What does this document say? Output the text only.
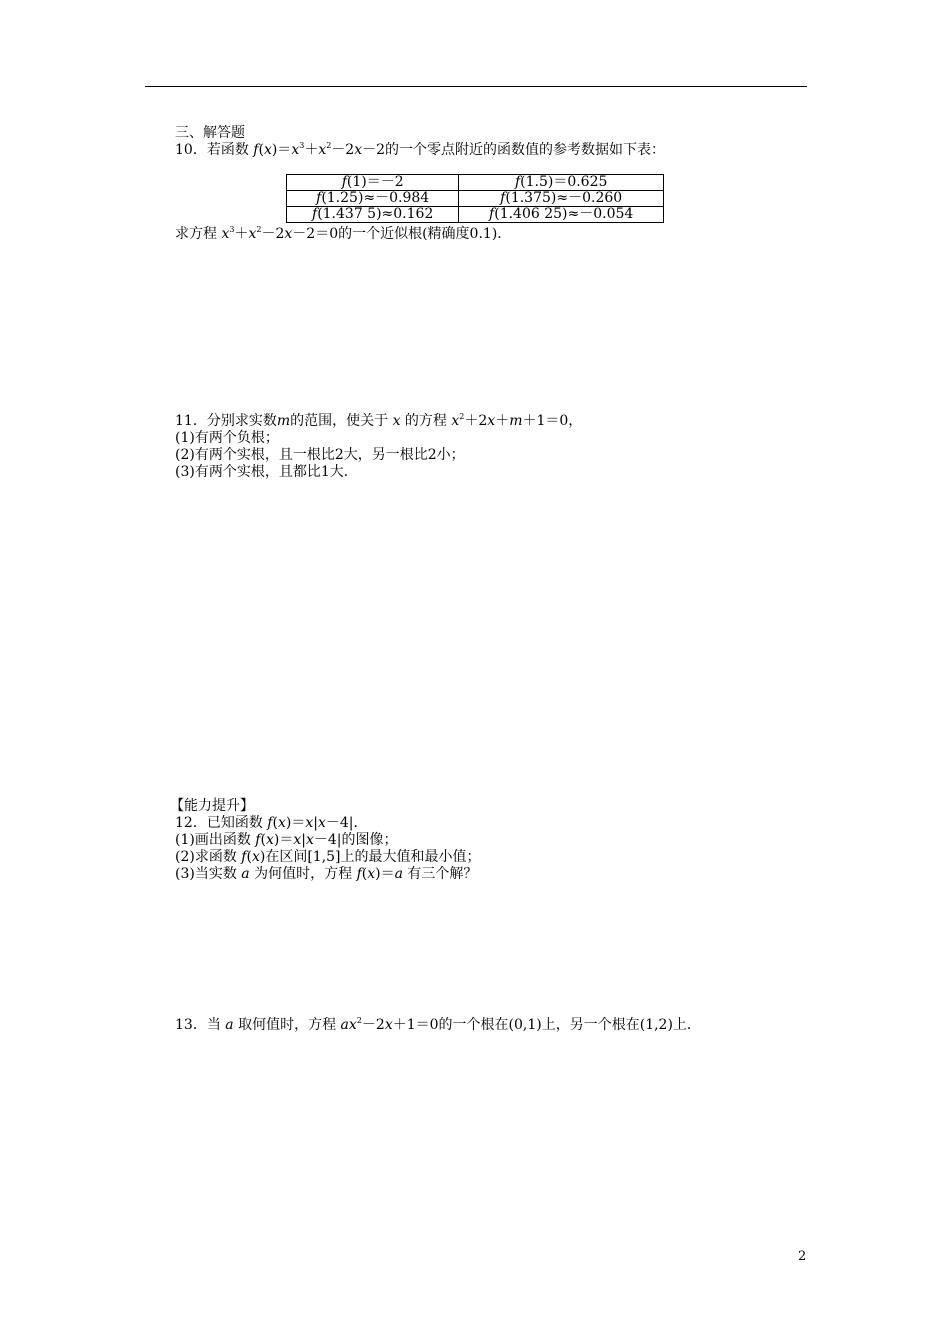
三、解答题
10．若函数 $f(x)=x^3+x^2-2x-2$的一个零点附近的函数值的参考数据如下表：
f(1)＝－2	f(1.5)＝0.625
f(1.25)≈－0.984	f(1.375)≈－0.260
f(1.437 5)≈0.162	f(1.406 25)≈－0.054
求方程 $x^3+x^2-2x-2=0$的一个近似根(精确度0.1)．
11．分别求实数m的范围，使关于 x 的方程 $x^2+2x+m+1=0$，
(1)有两个负根；
(2)有两个实根，且一根比2大，另一根比2小；
(3)有两个实根，且都比1大．
【能力提升】
12．已知函数 f(x)＝x|x－4|．
(1)画出函数 f(x)＝x|x－4|的图像；
(2)求函数 f(x)在区间[1,5]上的最大值和最小值；
(3)当实数 a 为何值时，方程 f(x)＝a 有三个解？
13．当 a 取何值时，方程 $ax^2-2x+1=0$的一个根在(0,1)上，另一个根在(1,2)上．
2
